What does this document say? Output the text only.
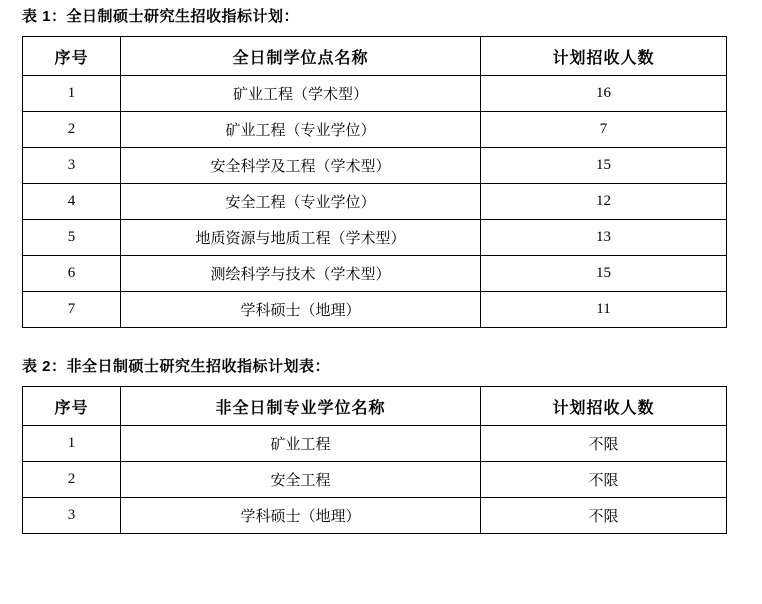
表 1：全日制硕士研究生招收指标计划：

序号	全日制学位点名称	计划招收人数
1	矿业工程（学术型）	16
2	矿业工程（专业学位）	7
3	安全科学及工程（学术型）	15
4	安全工程（专业学位）	12
5	地质资源与地质工程（学术型）	13
6	测绘科学与技术（学术型）	15
7	学科硕士（地理）	11

表 2：非全日制硕士研究生招收指标计划表：

序号	非全日制专业学位名称	计划招收人数
1	矿业工程	不限
2	安全工程	不限
3	学科硕士（地理）	不限
